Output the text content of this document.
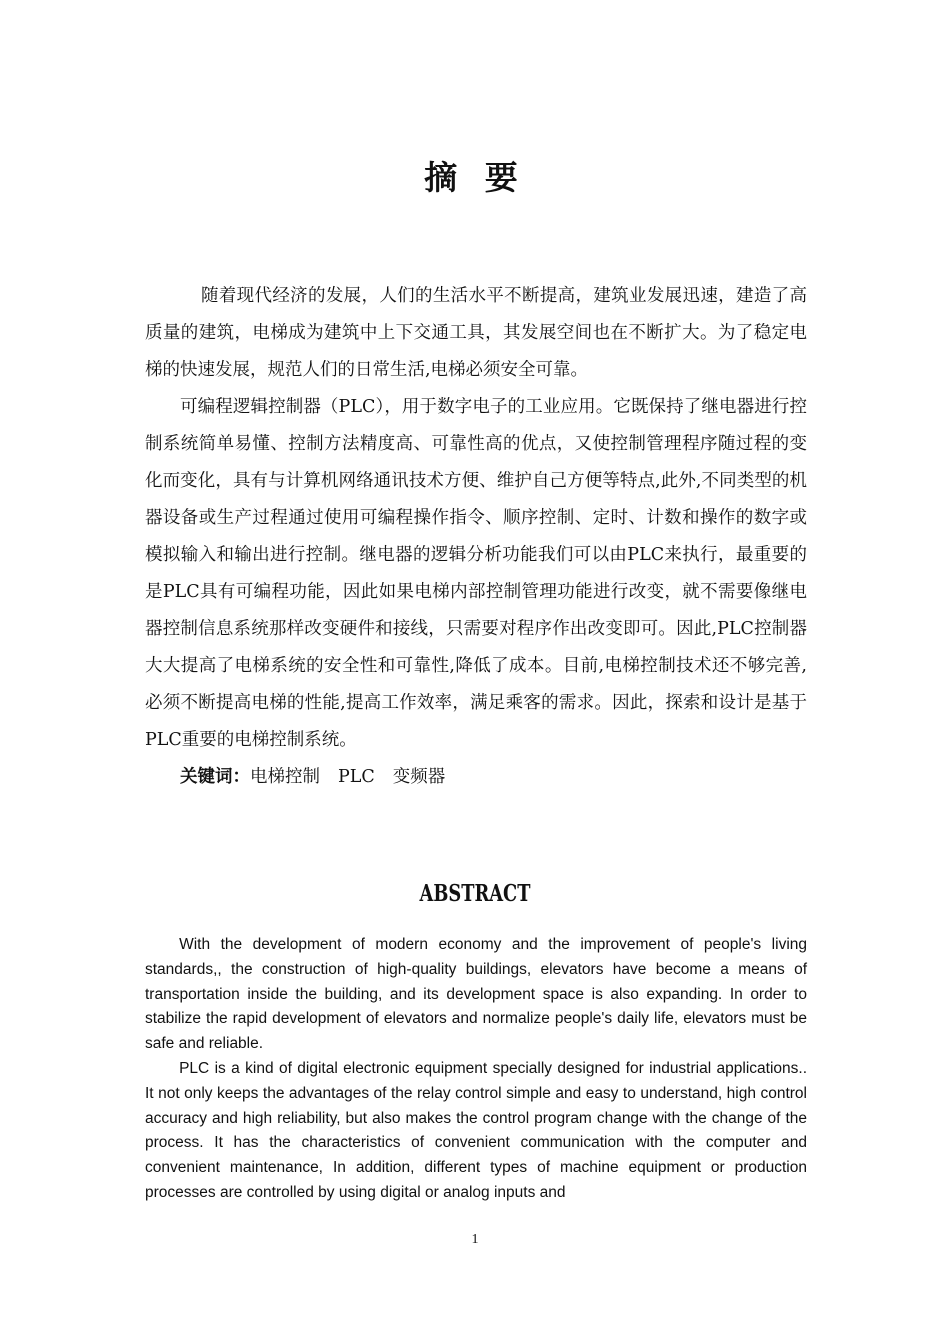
摘 要

随着现代经济的发展，人们的生活水平不断提高，建筑业发展迅速，建造了高质量的建筑，电梯成为建筑中上下交通工具，其发展空间也在不断扩大。为了稳定电梯的快速发展，规范人们的日常生活,电梯必须安全可靠。

可编程逻辑控制器（PLC），用于数字电子的工业应用。它既保持了继电器进行控制系统简单易懂、控制方法精度高、可靠性高的优点，又使控制管理程序随过程的变化而变化，具有与计算机网络通讯技术方便、维护自己方便等特点,此外,不同类型的机器设备或生产过程通过使用可编程操作指令、顺序控制、定时、计数和操作的数字或模拟输入和输出进行控制。继电器的逻辑分析功能我们可以由PLC来执行，最重要的是PLC具有可编程功能，因此如果电梯内部控制管理功能进行改变，就不需要像继电器控制信息系统那样改变硬件和接线，只需要对程序作出改变即可。因此,PLC控制器大大提高了电梯系统的安全性和可靠性,降低了成本。目前,电梯控制技术还不够完善,必须不断提高电梯的性能,提高工作效率，满足乘客的需求。因此，探索和设计是基于PLC重要的电梯控制系统。

关键词：电梯控制 PLC 变频器

ABSTRACT

With the development of modern economy and the improvement of people's living standards,, the construction of high-quality buildings, elevators have become a means of transportation inside the building, and its development space is also expanding. In order to stabilize the rapid development of elevators and normalize people's daily life, elevators must be safe and reliable.

PLC is a kind of digital electronic equipment specially designed for industrial applications.. It not only keeps the advantages of the relay control simple and easy to understand, high control accuracy and high reliability, but also makes the control program change with the change of the process. It has the characteristics of convenient communication with the computer and convenient maintenance, In addition, different types of machine equipment or production processes are controlled by using digital or analog inputs and

1
